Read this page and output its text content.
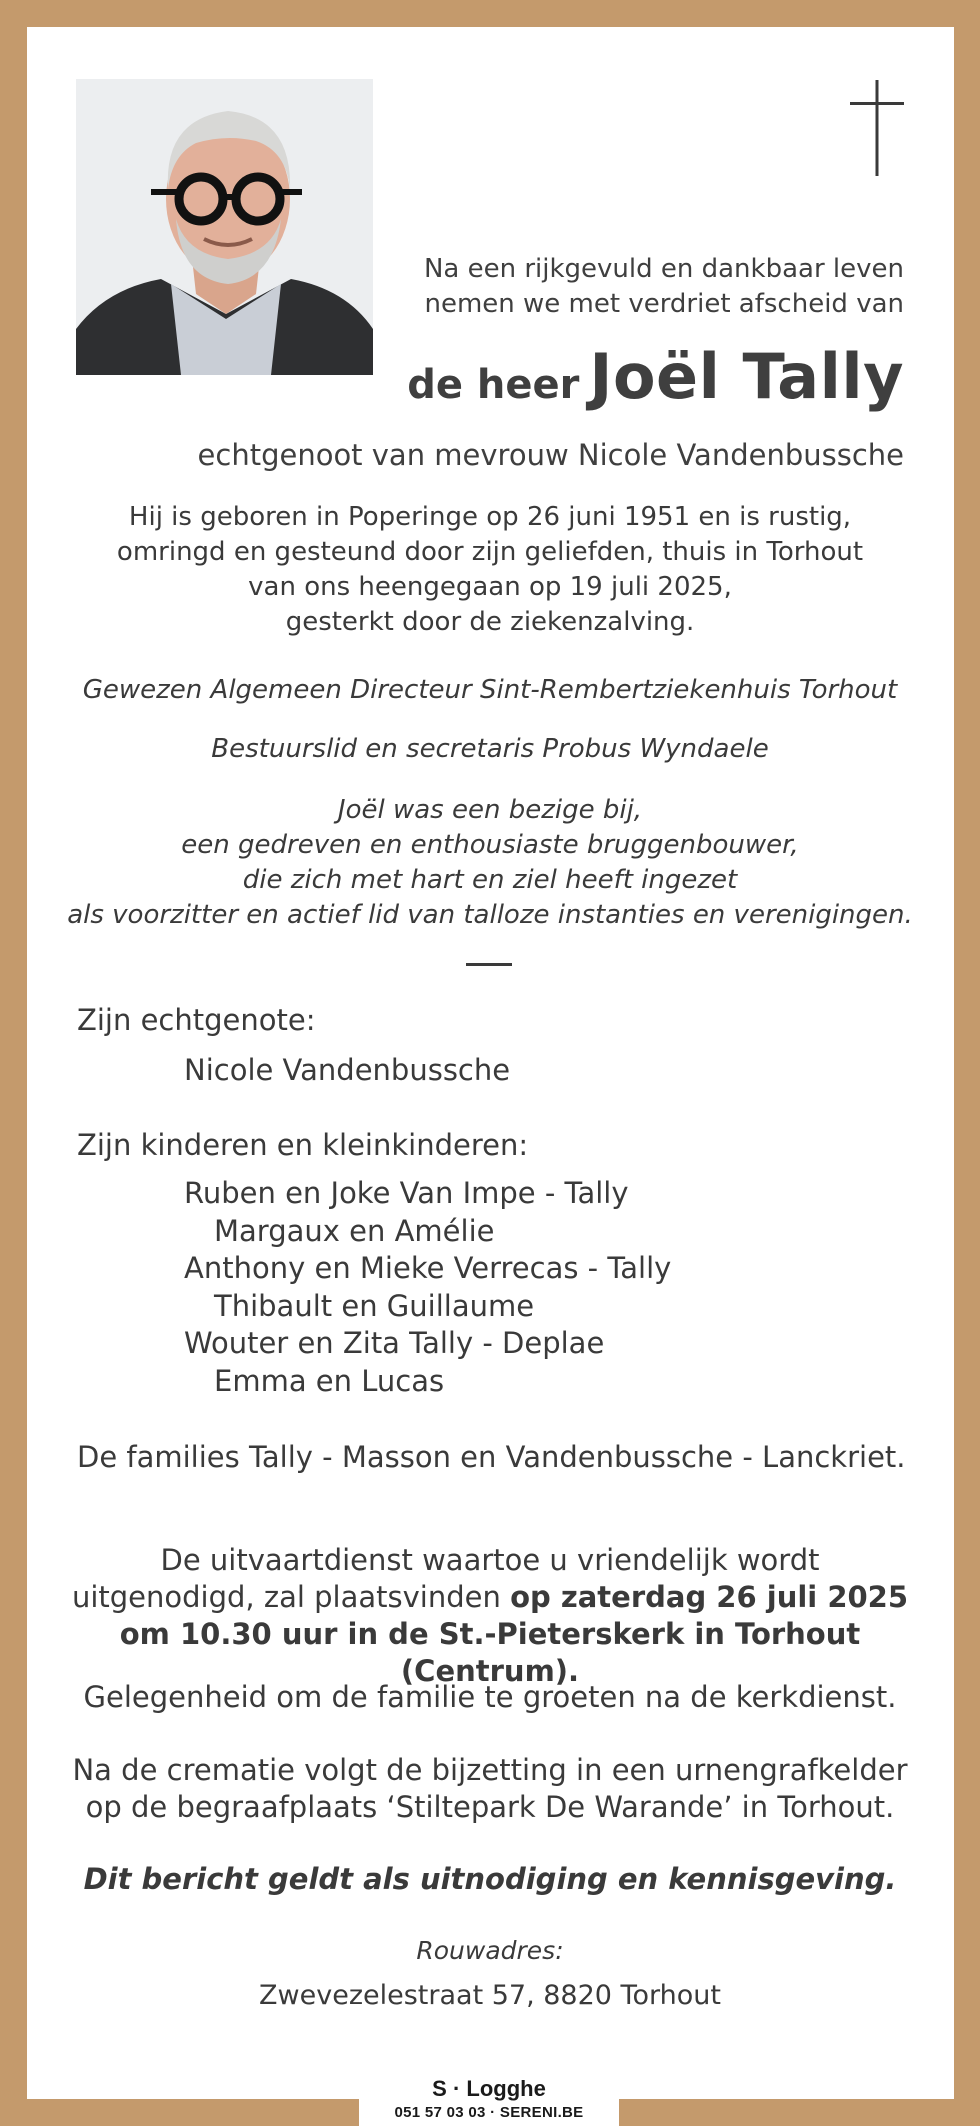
Na een rijkgevuld en dankbaar leven
nemen we met verdriet afscheid van
de heer Joël Tally
echtgenoot van mevrouw Nicole Vandenbussche
Hij is geboren in Poperinge op 26 juni 1951 en is rustig,
omringd en gesteund door zijn geliefden, thuis in Torhout
van ons heengegaan op 19 juli 2025,
gesterkt door de ziekenzalving.
Gewezen Algemeen Directeur Sint-Rembertziekenhuis Torhout
Bestuurslid en secretaris Probus Wyndaele
Joël was een bezige bij,
een gedreven en enthousiaste bruggenbouwer,
die zich met hart en ziel heeft ingezet
als voorzitter en actief lid van talloze instanties en verenigingen.
Zijn echtgenote:
Nicole Vandenbussche
Zijn kinderen en kleinkinderen:
Ruben en Joke Van Impe - Tally
Margaux en Amélie
Anthony en Mieke Verrecas - Tally
Thibault en Guillaume
Wouter en Zita Tally - Deplae
Emma en Lucas
De families Tally - Masson en Vandenbussche - Lanckriet.
De uitvaartdienst waartoe u vriendelijk wordt
uitgenodigd, zal plaatsvinden op zaterdag 26 juli 2025
om 10.30 uur in de St.-Pieterskerk in Torhout (Centrum).
Gelegenheid om de familie te groeten na de kerkdienst.
Na de crematie volgt de bijzetting in een urnengrafkelder
op de begraafplaats ‘Stiltepark De Warande’ in Torhout.
Dit bericht geldt als uitnodiging en kennisgeving.
Rouwadres:
Zwevezelestraat 57, 8820 Torhout
S · Logghe
051 57 03 03 · SERENI.BE
